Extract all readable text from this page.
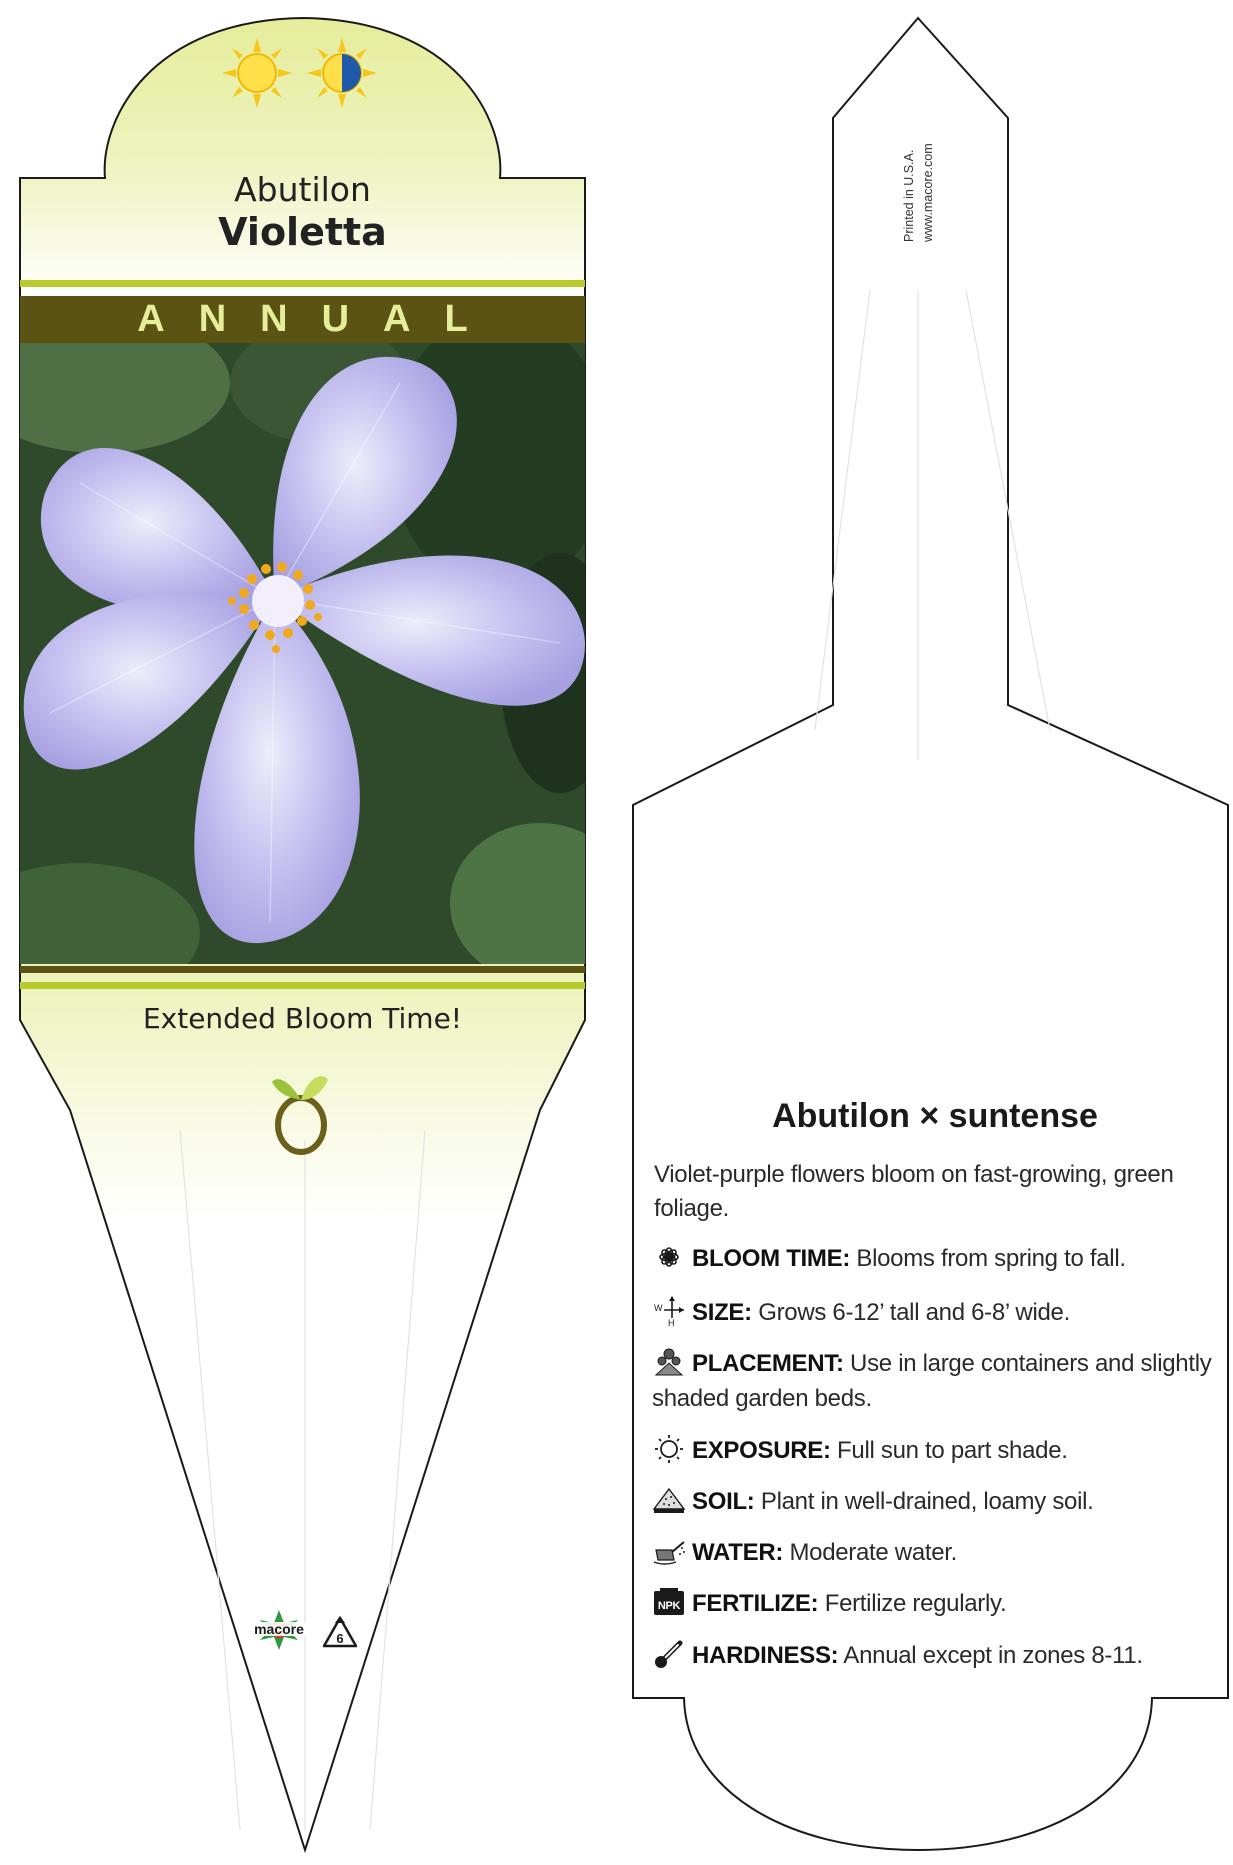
Abutilon
Violetta
ANNUAL
Extended Bloom Time!
macore
6
Printed in U.S.A. www.macore.com
Abutilon × suntense
Violet-purple flowers bloom on fast-growing, green foliage.
BLOOM TIME: Blooms from spring to fall.
W
H SIZE: Grows 6-12’ tall and 6-8’ wide.
PLACEMENT: Use in large containers and slightly shaded garden beds.
EXPOSURE: Full sun to part shade.
SOIL: Plant in well-drained, loamy soil.
WATER: Moderate water.
NPK FERTILIZE: Fertilize regularly.
HARDINESS: Annual except in zones 8-11.
